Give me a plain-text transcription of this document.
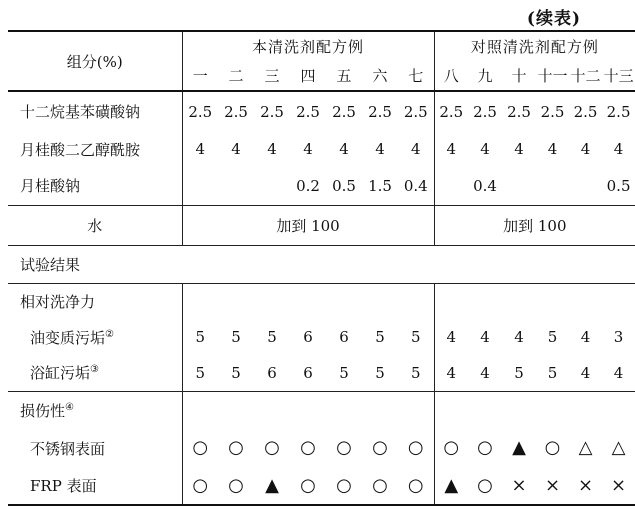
(续表)
组分(%)	本清洗剂配方例							对照清洗剂配方例					
	一	二	三	四	五	六	七	八	九	十	十一	十二	十三
十二烷基苯磺酸钠	2.5	2.5	2.5	2.5	2.5	2.5	2.5	2.5	2.5	2.5	2.5	2.5	2.5
月桂酸二乙醇酰胺	4	4	4	4	4	4	4	4	4	4	4	4	4
月桂酸钠				0.2	0.5	1.5	0.4		0.4				0.5
水	加到 100							加到 100					
试验结果													
相对洗净力													
油变质污垢②	5	5	5	6	6	5	5	4	4	4	5	4	3
浴缸污垢③	5	5	6	6	5	5	5	4	4	5	5	4	4
损伤性④		
不锈钢表面	○	○	○	○	○	○	○	○	○	▲	○	△	△
FRP 表面	○	○	▲	○	○	○	○	▲	○	×	×	×	×
